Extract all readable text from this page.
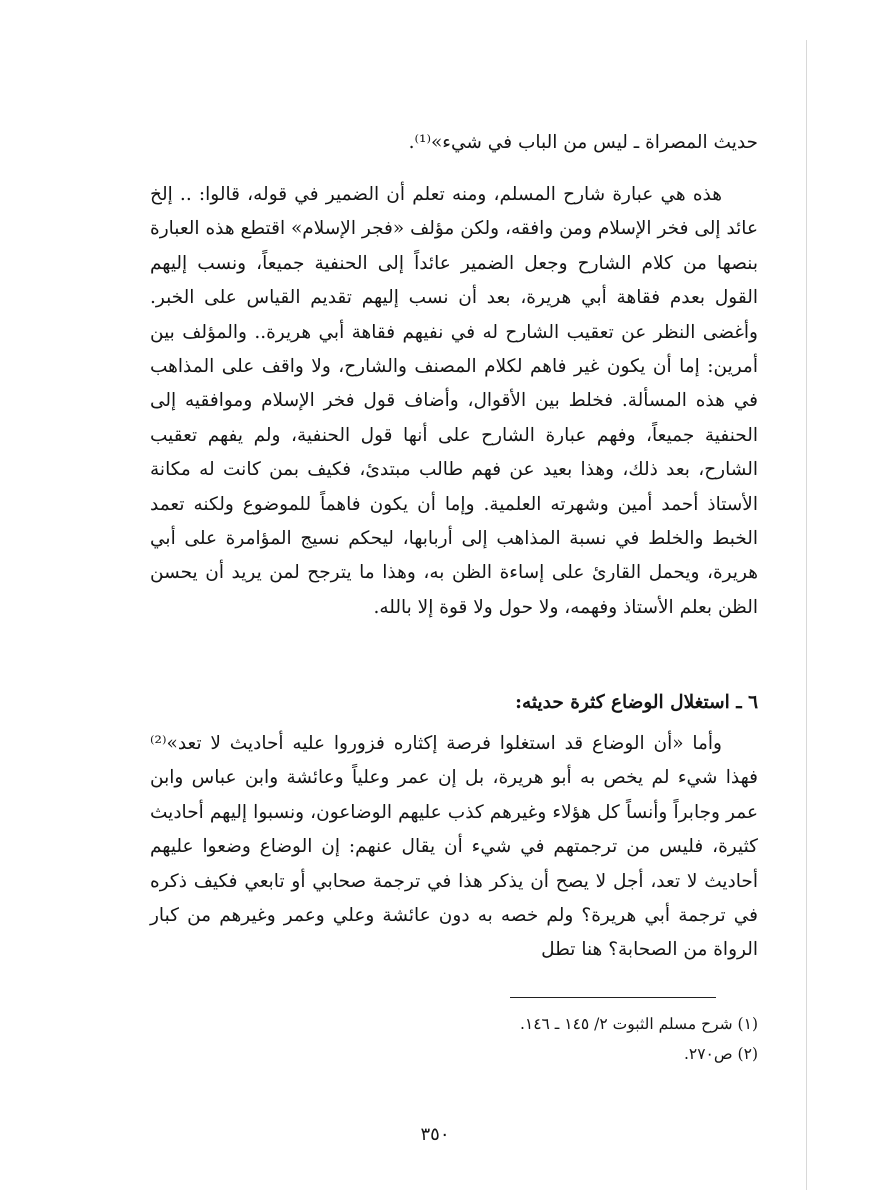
حديث المصراة ـ ليس من الباب في شيء»⁽¹⁾.

هذه هي عبارة شارح المسلم، ومنه تعلم أن الضمير في قوله، قالوا: .. إلخ عائد إلى فخر الإسلام ومن وافقه، ولكن مؤلف «فجر الإسلام» اقتطع هذه العبارة بنصها من كلام الشارح وجعل الضمير عائداً إلى الحنفية جميعاً، ونسب إليهم القول بعدم فقاهة أبي هريرة، بعد أن نسب إليهم تقديم القياس على الخبر. وأغضى النظر عن تعقيب الشارح له في نفيهم فقاهة أبي هريرة.. والمؤلف بين أمرين: إما أن يكون غير فاهم لكلام المصنف والشارح، ولا واقف على المذاهب في هذه المسألة. فخلط بين الأقوال، وأضاف قول فخر الإسلام وموافقيه إلى الحنفية جميعاً، وفهم عبارة الشارح على أنها قول الحنفية، ولم يفهم تعقيب الشارح، بعد ذلك، وهذا بعيد عن فهم طالب مبتدئ، فكيف بمن كانت له مكانة الأستاذ أحمد أمين وشهرته العلمية. وإما أن يكون فاهماً للموضوع ولكنه تعمد الخبط والخلط في نسبة المذاهب إلى أربابها، ليحكم نسيج المؤامرة على أبي هريرة، ويحمل القارئ على إساءة الظن به، وهذا ما يترجح لمن يريد أن يحسن الظن بعلم الأستاذ وفهمه، ولا حول ولا قوة إلا بالله.

٦ ـ استغلال الوضاع كثرة حديثه:

وأما «أن الوضاع قد استغلوا فرصة إكثاره فزوروا عليه أحاديث لا تعد»⁽²⁾ فهذا شيء لم يخص به أبو هريرة، بل إن عمر وعلياً وعائشة وابن عباس وابن عمر وجابراً وأنساً كل هؤلاء وغيرهم كذب عليهم الوضاعون، ونسبوا إليهم أحاديث كثيرة، فليس من ترجمتهم في شيء أن يقال عنهم: إن الوضاع وضعوا عليهم أحاديث لا تعد، أجل لا يصح أن يذكر هذا في ترجمة صحابي أو تابعي فكيف ذكره في ترجمة أبي هريرة؟ ولم خصه به دون عائشة وعلي وعمر وغيرهم من كبار الرواة من الصحابة؟ هنا تطل

(١) شرح مسلم الثبوت ٢/ ١٤٥ ـ ١٤٦.
(٢) ص٢٧٠.
٣٥٠
